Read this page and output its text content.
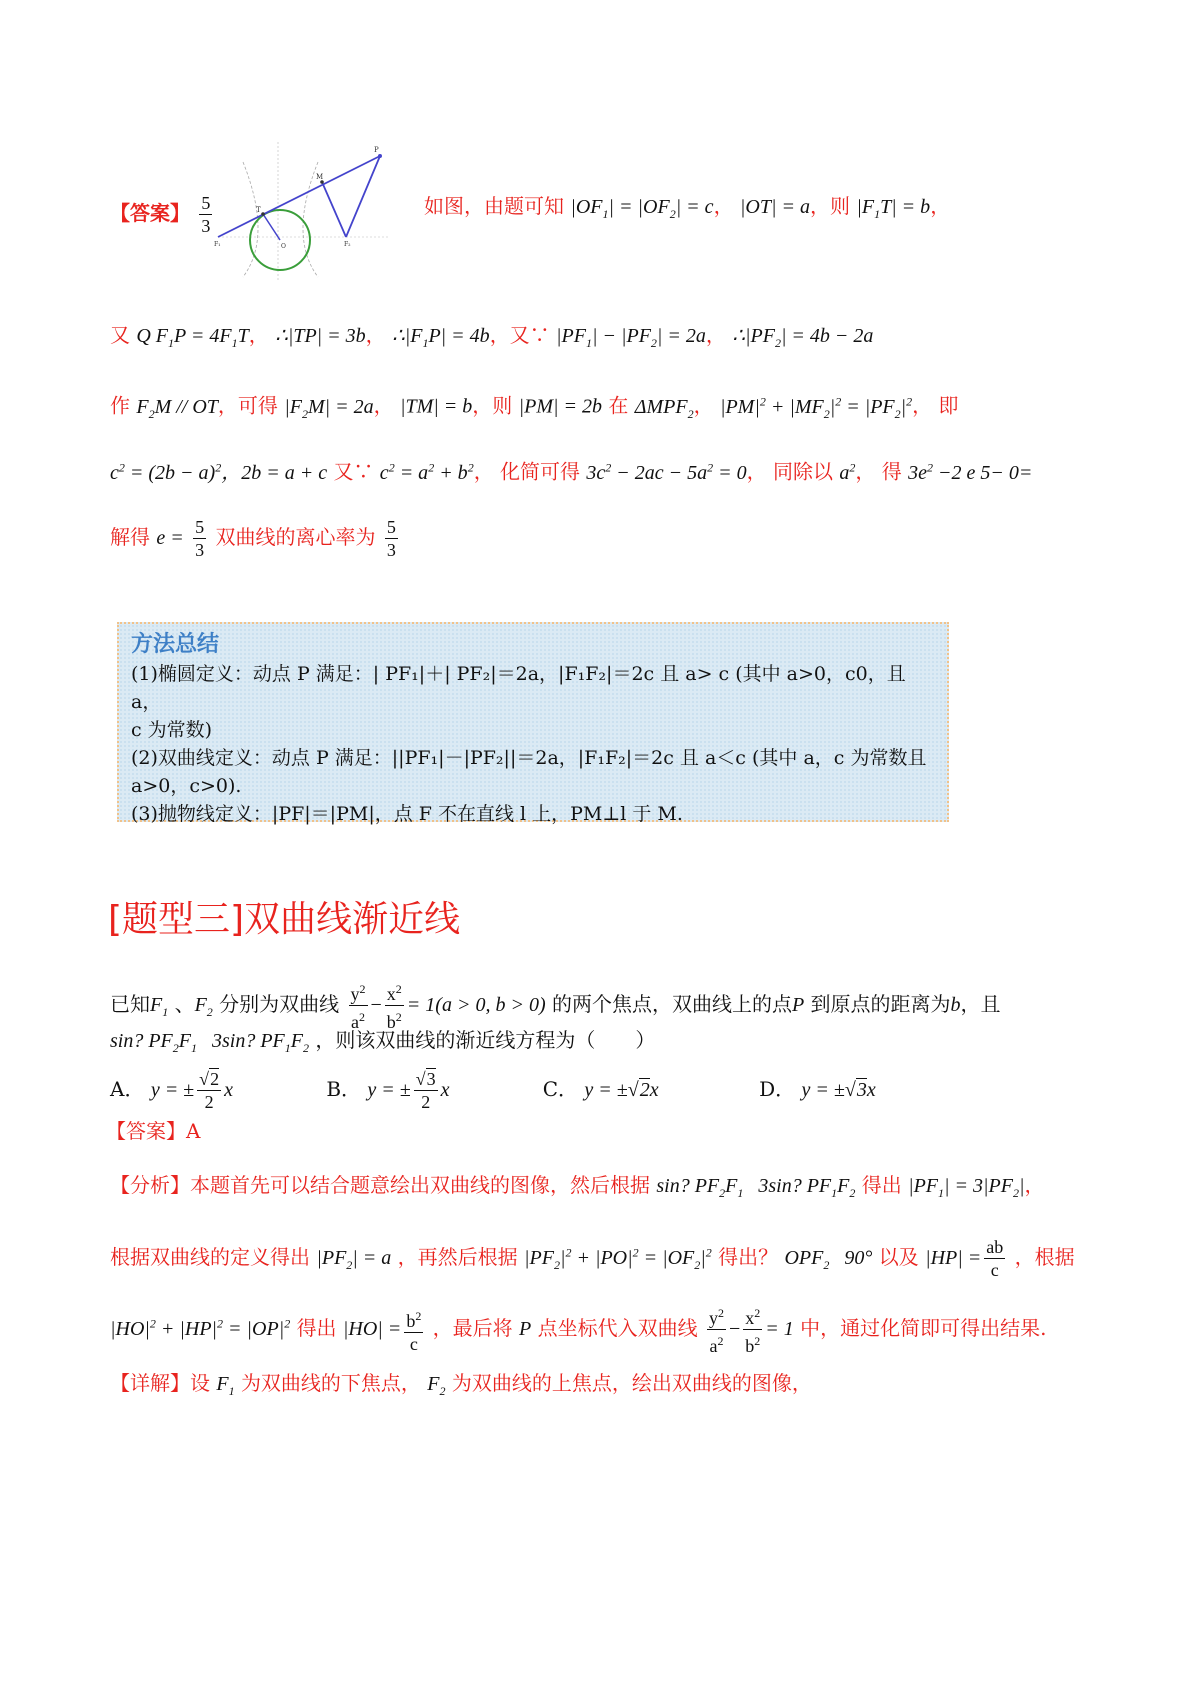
【答案】 $\frac{5}{3}$
P
M
T
F₁	F₂
O
如图，由题可知 $|OF_1| = |OF_2| = c$， |OT| = a，则 $|F_1T| = b$，
又 Q $F_1P = 4F_1T$， ∴|TP| = 3b， $\therefore|F_1P| = 4b$，又∵ $|PF_1| - |PF_2| = 2a$， $\therefore|PF_2| = 4b - 2a$
作 $F_2M$ // OT，可得 $|F_2M| = 2a$， |TM| = b，则 |PM| = 2b 在 $\Delta MPF_2$， $|PM|^2 + |MF_2|^2 = |PF_2|^2$， 即
$c^2 = (2b - a)^2$，2b = a + c 又∵ $c^2 = a^2 + b^2$， 化简可得 $3c^2 - 2ac - 5a^2 = 0$， 同除以 $a^2$， 得 $3e^2 -2$ e 5− 0=
解得 $e = \frac{5}{3}$ 双曲线的离心率为 $\frac{5}{3}$
方法总结
(1)椭圆定义：动点 P 满足：| PF₁|＋| PF₂|＝2a，|F₁F₂|＝2c 且 a> c (其中 a>0，c0，且 a，
c 为常数)
(2)双曲线定义：动点 P 满足：||PF₁|－|PF₂||＝2a，|F₁F₂|＝2c 且 a＜c (其中 a，c 为常数且
a>0，c>0).
(3)抛物线定义：|PF|＝|PM|，点 F 不在直线 l 上，PM⊥l 于 M.
[题型三]双曲线渐近线
已知$F_1$ 、$F_2$ 分别为双曲线 $\frac{y^2}{a^2} - \frac{x^2}{b^2} = 1(a > 0$, b > 0) 的两个焦点，双曲线上的点P 到原点的距离为b，且
sin? $PF_2F_1$   3sin? $PF_1F_2$ ，则该双曲线的渐近线方程为（　　）
A． y = ± $\frac{√2}{2}$ x	B． y = ± $\frac{√3}{2}$ x	C． y = ±√2x	D． y = ±√3x
【答案】A
【分析】本题首先可以结合题意绘出双曲线的图像，然后根据 sin? $PF_2F_1$   3sin? $PF_1F_2$ 得出 $|PF_1| = 3|PF_2|$，
根据双曲线的定义得出 $|PF_2| = a$ ，再然后根据 $|PF_2|^2 + |PO|^2 = |OF_2|^2$ 得出？ $OPF_2$   90° 以及 $|HP| = \frac{ab}{c}$ ，根据
$|HO|^2 + |HP|^2 = |OP|^2$ 得出 $|HO| = \frac{b^2}{c}$ ，最后将 P 点坐标代入双曲线 $\frac{y^2}{a^2} - \frac{x^2}{b^2} = 1$ 中，通过化简即可得出结果.
【详解】设 $F_1$ 为双曲线的下焦点， $F_2$ 为双曲线的上焦点，绘出双曲线的图像，
